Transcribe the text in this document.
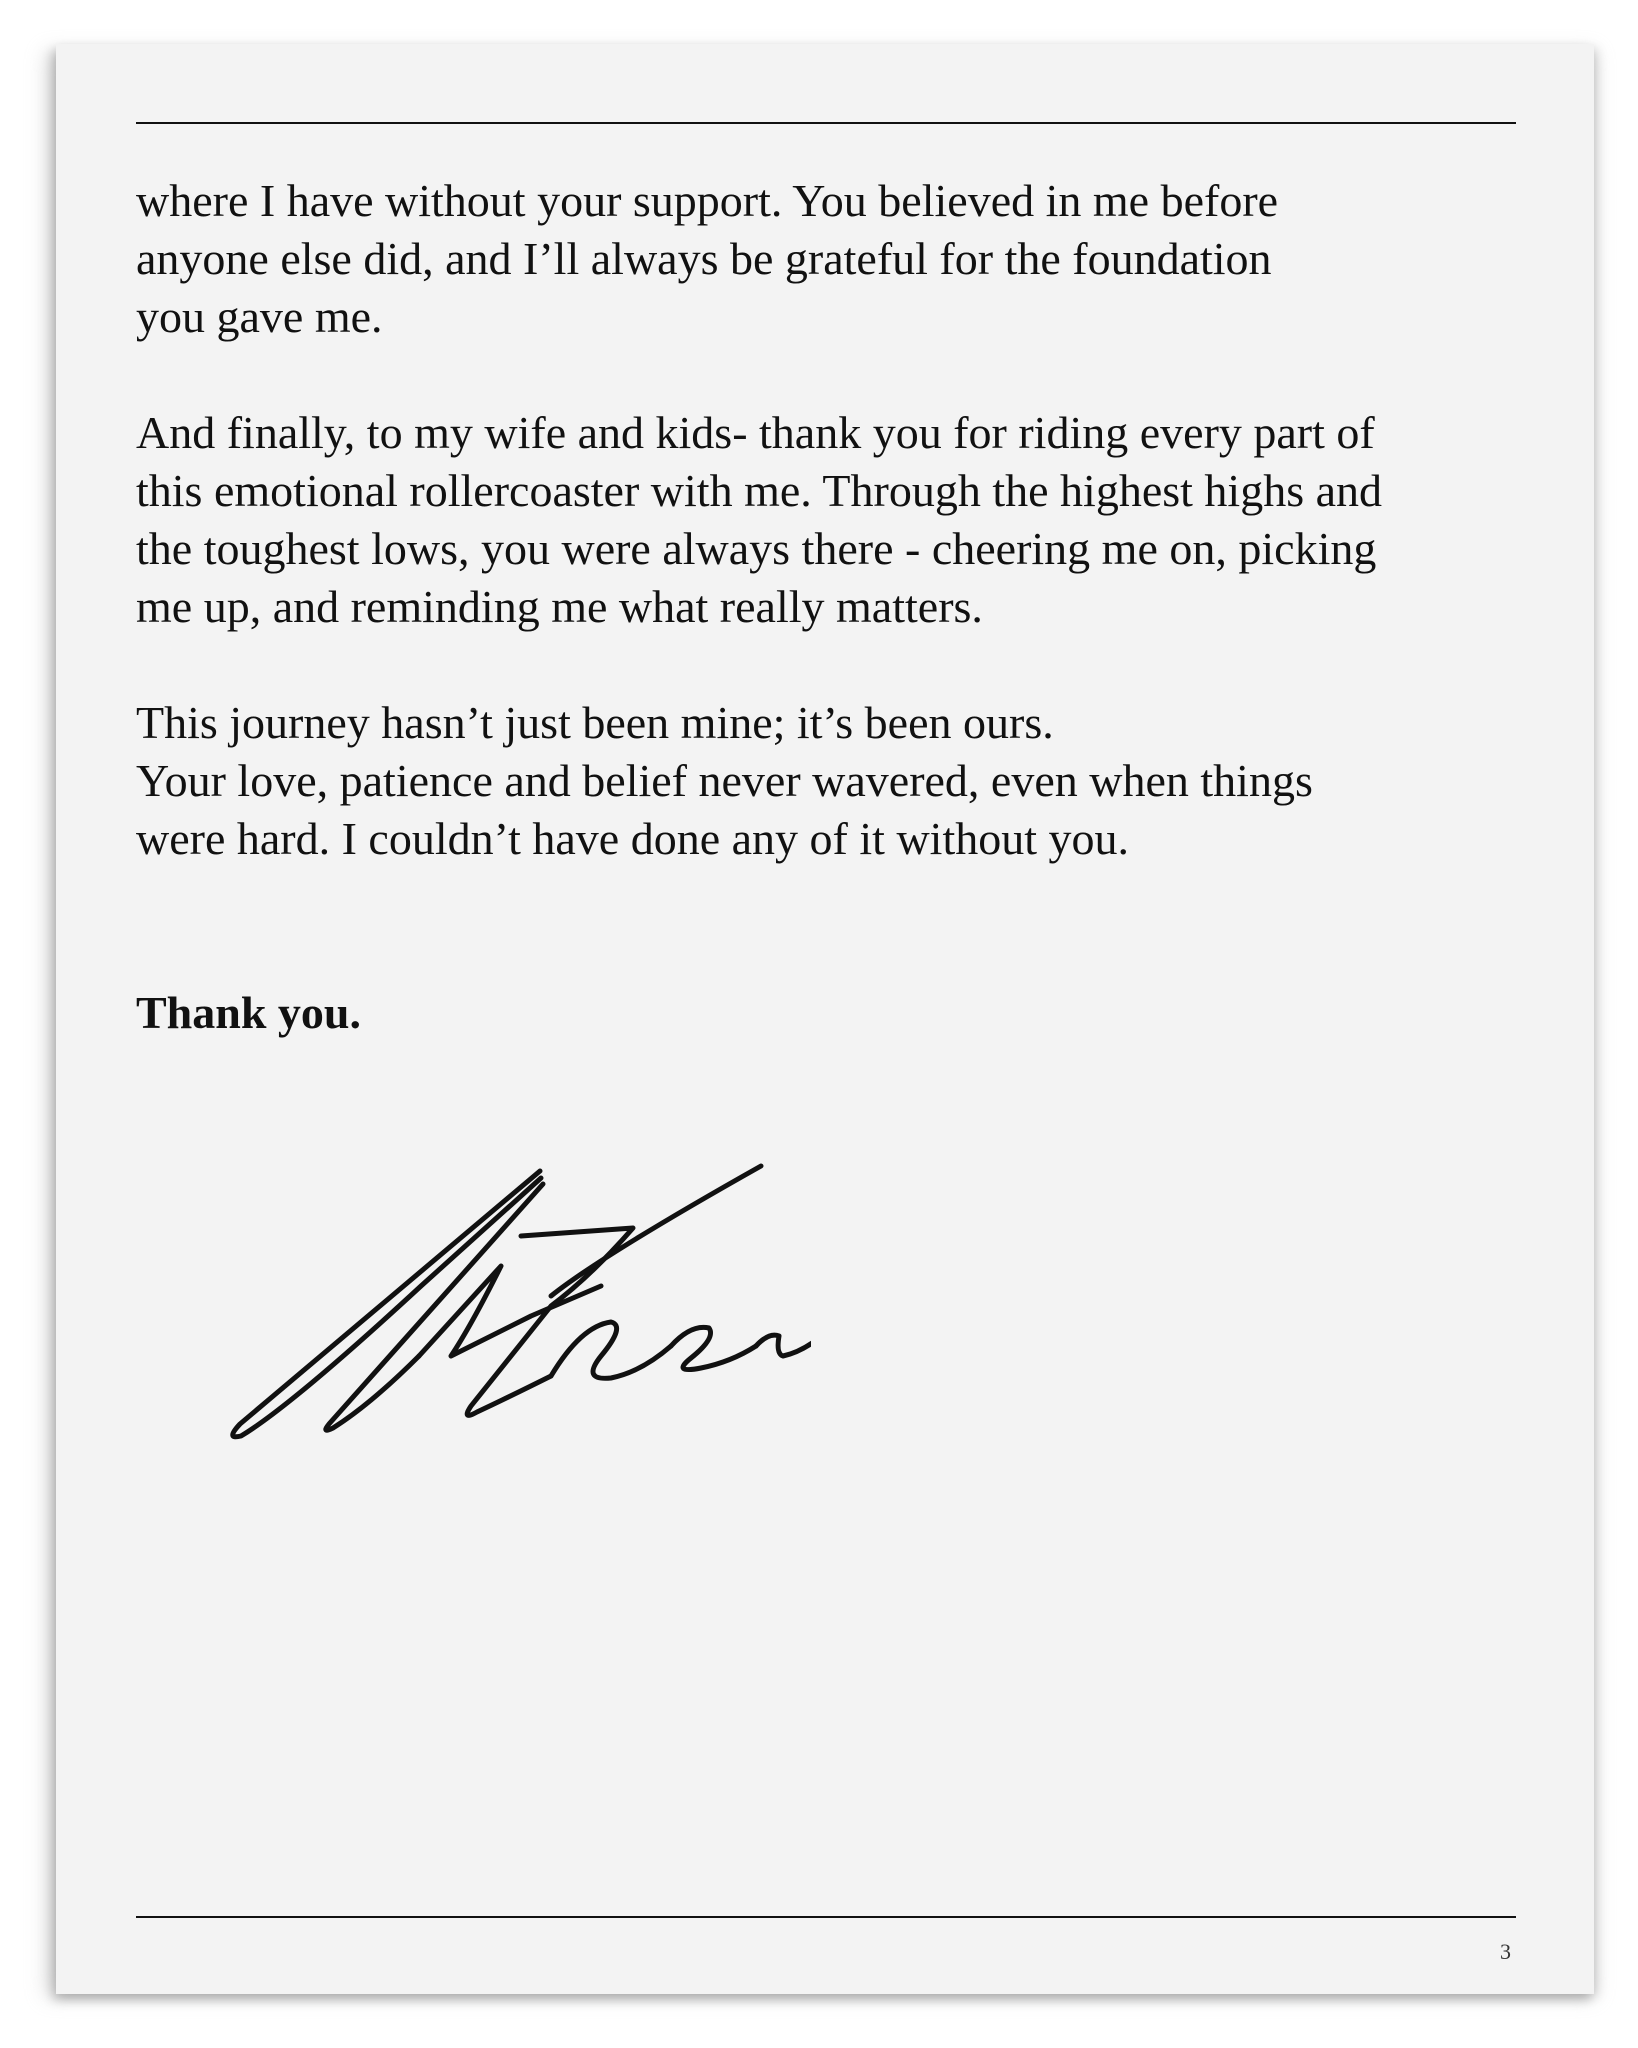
where I have without your support. You believed in me before
anyone else did, and I’ll always be grateful for the foundation
you gave me.

And finally, to my wife and kids- thank you for riding every part of
this emotional rollercoaster with me. Through the highest highs and
the toughest lows, you were always there - cheering me on, picking
me up, and reminding me what really matters.

This journey hasn’t just been mine; it’s been ours.
Your love, patience and belief never wavered, even when things
were hard. I couldn’t have done any of it without you.

Thank you.
3
